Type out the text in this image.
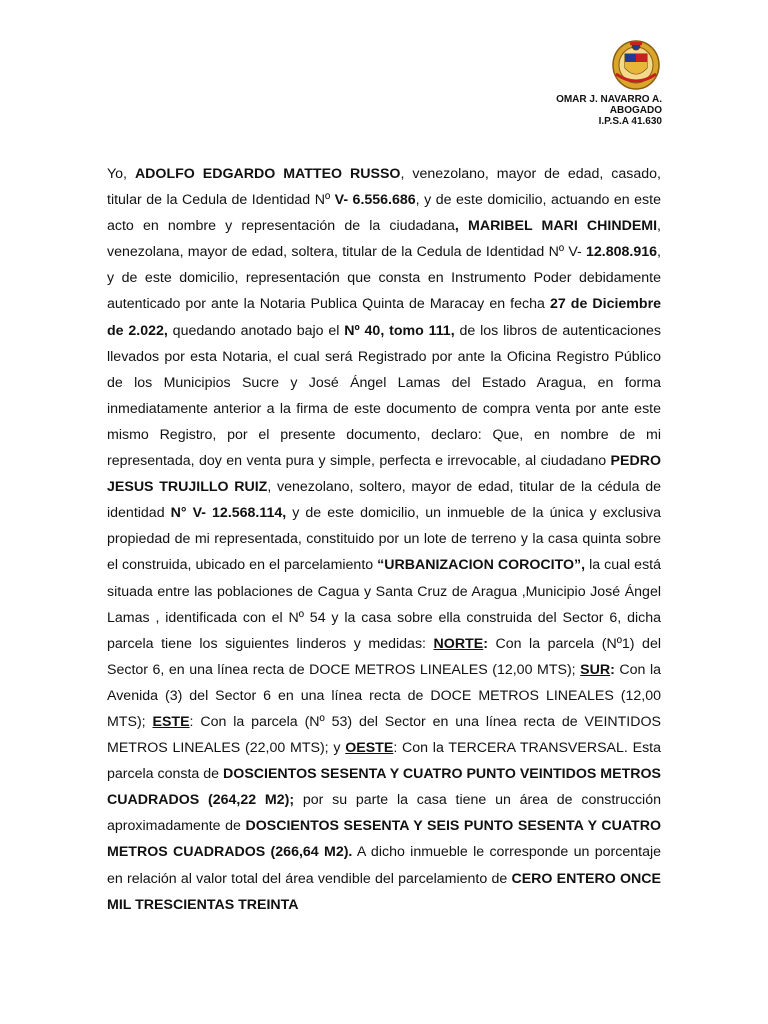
OMAR J. NAVARRO A.
ABOGADO
I.P.S.A 41.630

Yo, ADOLFO EDGARDO MATTEO RUSSO, venezolano, mayor de edad, casado, titular de la Cedula de Identidad Nº V- 6.556.686, y de este domicilio, actuando en este acto en nombre y representación de la ciudadana, MARIBEL MARI CHINDEMI, venezolana, mayor de edad, soltera, titular de la Cedula de Identidad Nº V- 12.808.916, y de este domicilio, representación que consta en Instrumento Poder debidamente autenticado por ante la Notaria Publica Quinta de Maracay en fecha 27 de Diciembre de 2.022, quedando anotado bajo el Nº 40, tomo 111, de los libros de autenticaciones llevados por esta Notaria, el cual será Registrado por ante la Oficina Registro Público de los Municipios Sucre y José Ángel Lamas del Estado Aragua, en forma inmediatamente anterior a la firma de este documento de compra venta por ante este mismo Registro, por el presente documento, declaro: Que, en nombre de mi representada, doy en venta pura y simple, perfecta e irrevocable, al ciudadano PEDRO JESUS TRUJILLO RUIZ, venezolano, soltero, mayor de edad, titular de la cédula de identidad N° V- 12.568.114, y de este domicilio, un inmueble de la única y exclusiva propiedad de mi representada, constituido por un lote de terreno y la casa quinta sobre el construida, ubicado en el parcelamiento “URBANIZACION COROCITO”, la cual está situada entre las poblaciones de Cagua y Santa Cruz de Aragua ,Municipio José Ángel Lamas , identificada con el Nº 54 y la casa sobre ella construida del Sector 6, dicha parcela tiene los siguientes linderos y medidas: NORTE: Con la parcela (Nº1) del Sector 6, en una línea recta de DOCE METROS LINEALES (12,00 MTS); SUR: Con la Avenida (3) del Sector 6 en una línea recta de DOCE METROS LINEALES (12,00 MTS); ESTE: Con la parcela (Nº 53) del Sector en una línea recta de VEINTIDOS METROS LINEALES (22,00 MTS); y OESTE: Con la TERCERA TRANSVERSAL. Esta parcela consta de DOSCIENTOS SESENTA Y CUATRO PUNTO VEINTIDOS METROS CUADRADOS (264,22 M2); por su parte la casa tiene un área de construcción aproximadamente de DOSCIENTOS SESENTA Y SEIS PUNTO SESENTA Y CUATRO METROS CUADRADOS (266,64 M2). A dicho inmueble le corresponde un porcentaje en relación al valor total del área vendible del parcelamiento de CERO ENTERO ONCE MIL TRESCIENTAS TREINTA
